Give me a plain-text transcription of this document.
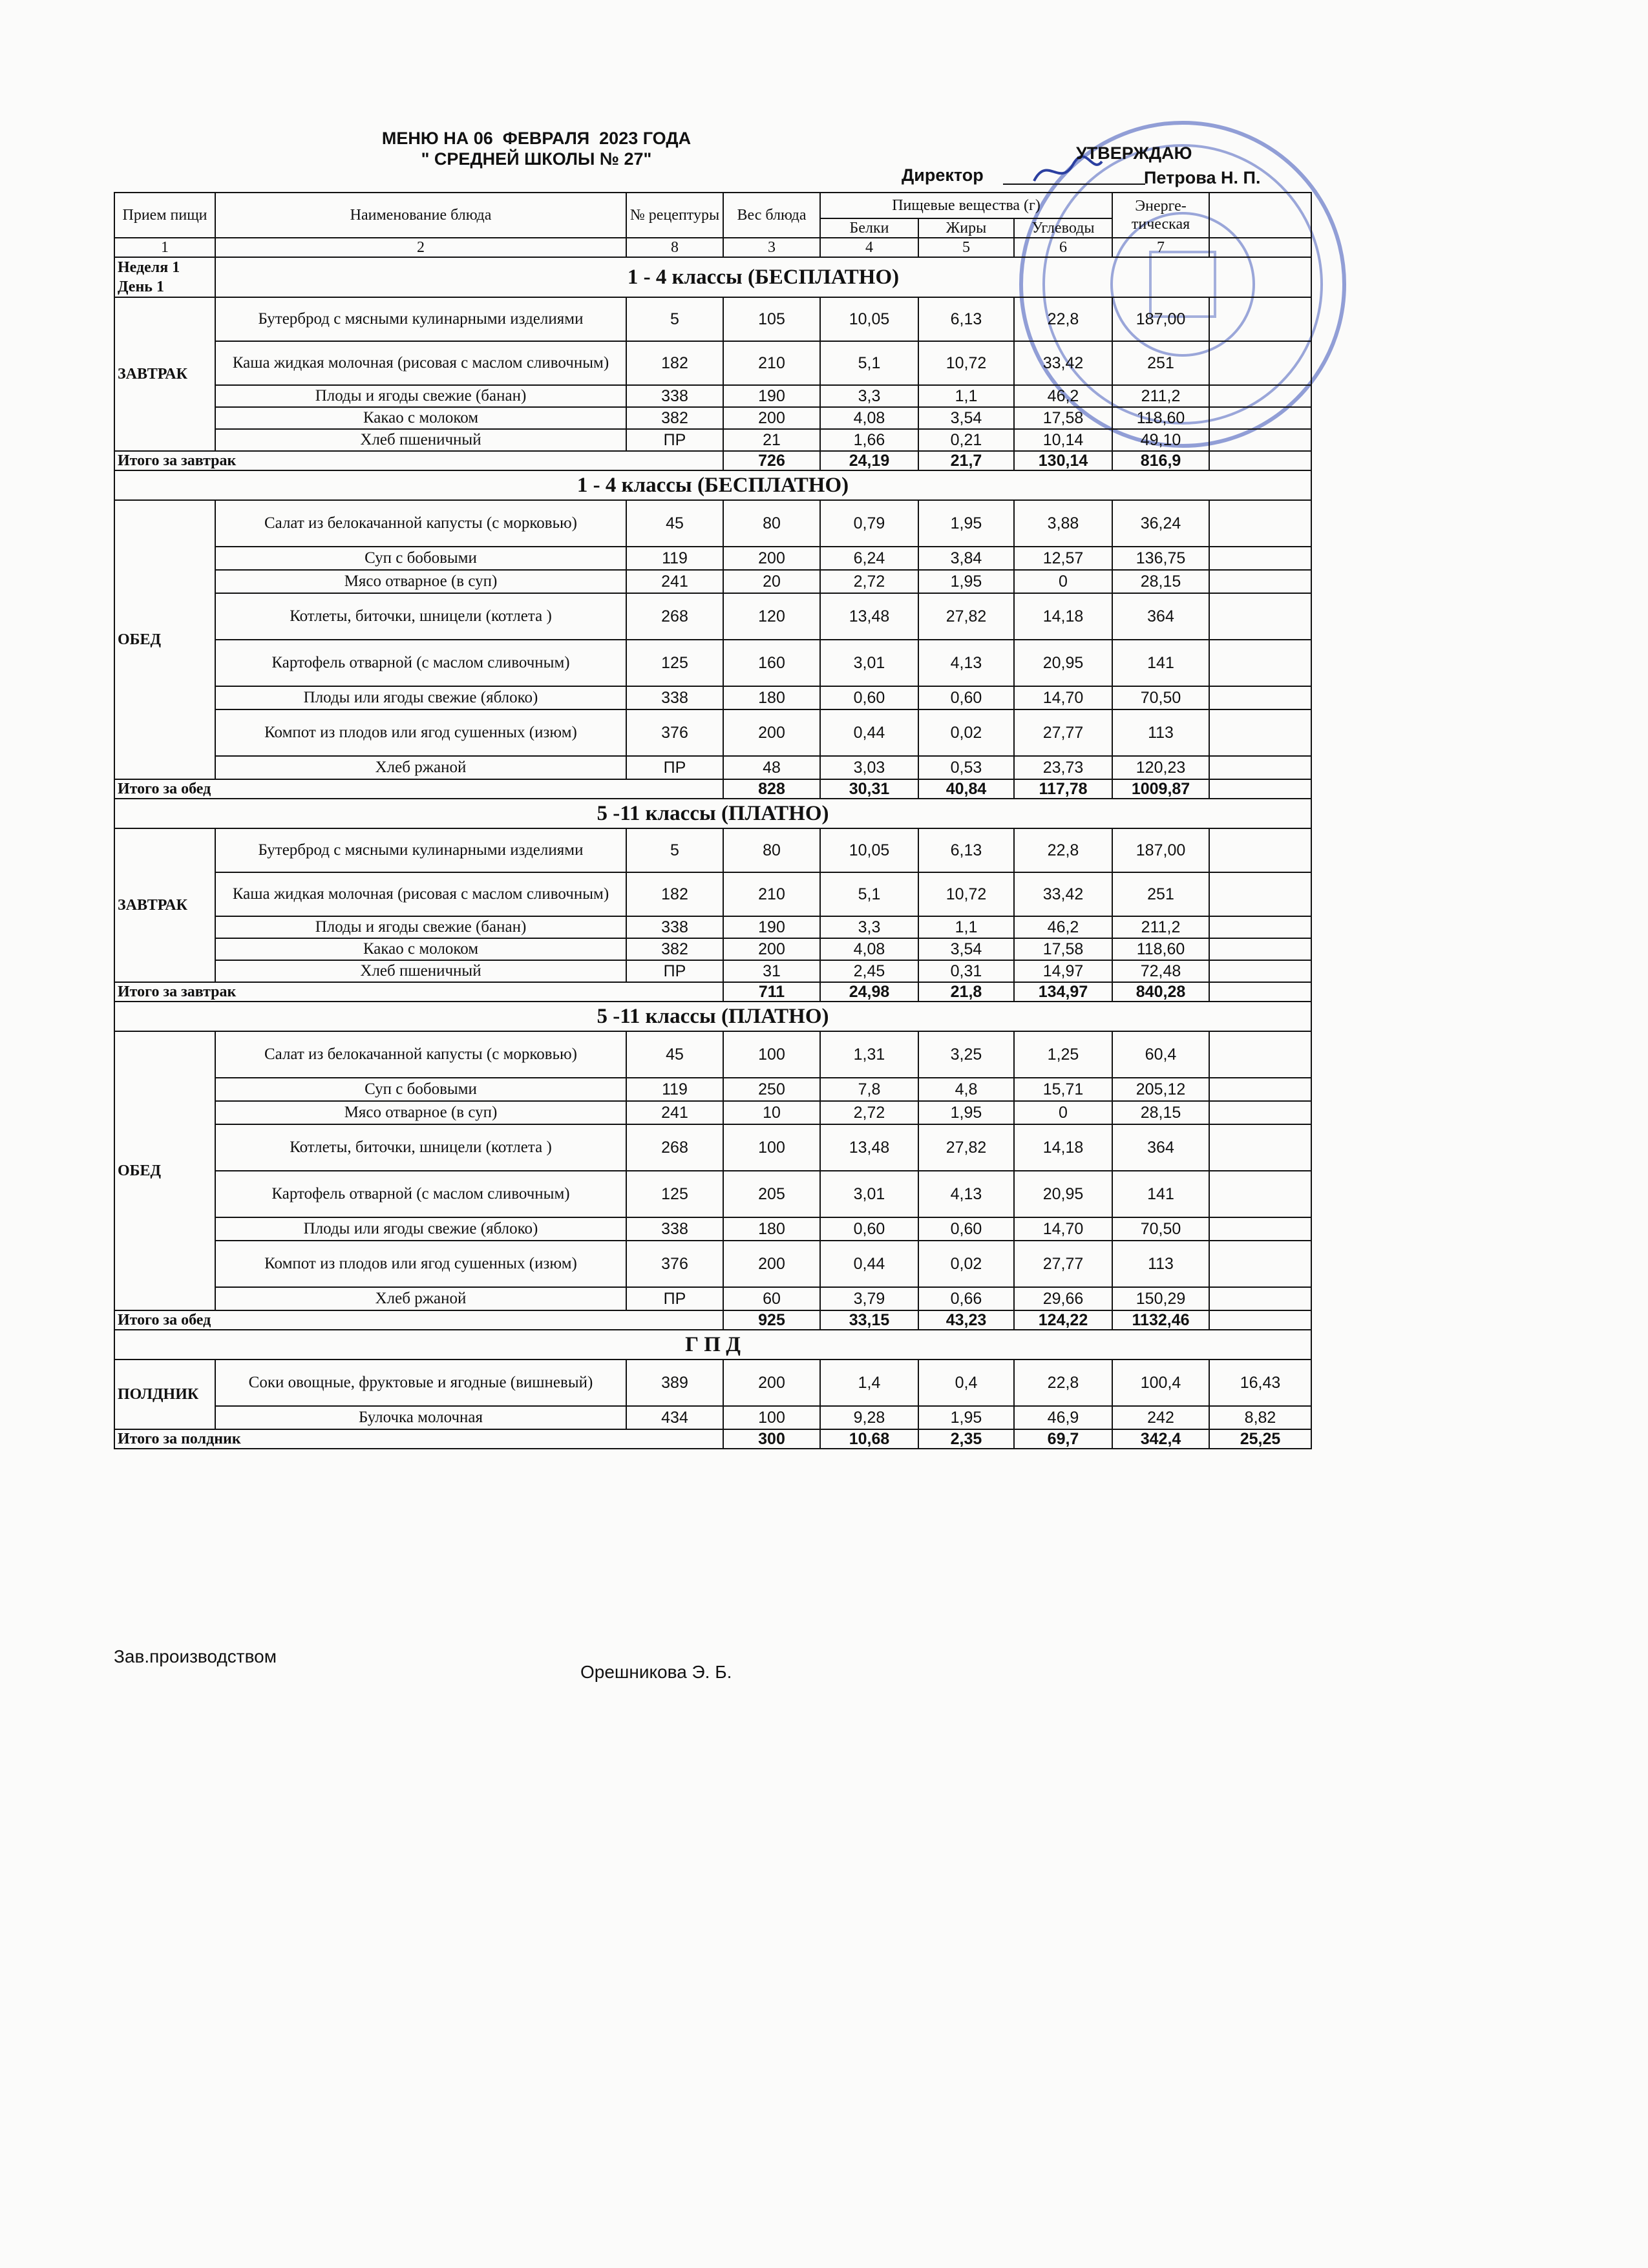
МЕНЮ НА 06  ФЕВРАЛЯ  2023 ГОДА
" СРЕДНЕЙ ШКОЛЫ № 27"	УТВЕРЖДАЮ
Директор	Петрова Н. П.
Прием пищи	Наименование блюда	№ рецептуры	Вес блюда	Пищевые вещества (г)			Энерге-тическая	
				Белки	Жиры	Углеводы		
1	2	8	3	4	5	6	7	
Неделя 1
День 1	1 - 4 классы (БЕСПЛАТНО)							
ЗАВТРАК	Бутерброд с мясными кулинарными изделиями	5	105	10,05	6,13	22,8	187,00	
	Каша жидкая молочная (рисовая с маслом сливочным)	182	210	5,1	10,72	33,42	251	
	Плоды и ягоды свежие (банан)	338	190	3,3	1,1	46,2	211,2	
	Какао с молоком	382	200	4,08	3,54	17,58	118,60	
	Хлеб пшеничный	ПР	21	1,66	0,21	10,14	49,10	
Итого за завтрак			726	24,19	21,7	130,14	816,9	
1 - 4 классы (БЕСПЛАТНО)								
ОБЕД	Салат из белокачанной капусты (с морковью)	45	80	0,79	1,95	3,88	36,24	
	Суп с бобовыми	119	200	6,24	3,84	12,57	136,75	
	Мясо отварное (в суп)	241	20	2,72	1,95	0	28,15	
	Котлеты, биточки, шницели (котлета )	268	120	13,48	27,82	14,18	364	
	Картофель отварной (с маслом сливочным)	125	160	3,01	4,13	20,95	141	
	Плоды или ягоды свежие (яблоко)	338	180	0,60	0,60	14,70	70,50	
	Компот из плодов или ягод сушенных (изюм)	376	200	0,44	0,02	27,77	113	
	Хлеб ржаной	ПР	48	3,03	0,53	23,73	120,23	
Итого за обед			828	30,31	40,84	117,78	1009,87	
5 -11 классы (ПЛАТНО)								
ЗАВТРАК	Бутерброд с мясными кулинарными изделиями	5	80	10,05	6,13	22,8	187,00	
	Каша жидкая молочная (рисовая с маслом сливочным)	182	210	5,1	10,72	33,42	251	
	Плоды и ягоды свежие (банан)	338	190	3,3	1,1	46,2	211,2	
	Какао с молоком	382	200	4,08	3,54	17,58	118,60	
	Хлеб пшеничный	ПР	31	2,45	0,31	14,97	72,48	
Итого за завтрак			711	24,98	21,8	134,97	840,28	
5 -11 классы (ПЛАТНО)								
ОБЕД	Салат из белокачанной капусты (с морковью)	45	100	1,31	3,25	1,25	60,4	
	Суп с бобовыми	119	250	7,8	4,8	15,71	205,12	
	Мясо отварное (в суп)	241	10	2,72	1,95	0	28,15	
	Котлеты, биточки, шницели (котлета )	268	100	13,48	27,82	14,18	364	
	Картофель отварной (с маслом сливочным)	125	205	3,01	4,13	20,95	141	
	Плоды или ягоды свежие (яблоко)	338	180	0,60	0,60	14,70	70,50	
	Компот из плодов или ягод сушенных (изюм)	376	200	0,44	0,02	27,77	113	
	Хлеб ржаной	ПР	60	3,79	0,66	29,66	150,29	
Итого за обед			925	33,15	43,23	124,22	1132,46	
Г П Д								
ПОЛДНИК	Соки овощные, фруктовые и ягодные (вишневый)	389	200	1,4	0,4	22,8	100,4	16,43
	Булочка молочная	434	100	9,28	1,95	46,9	242	8,82
Итого за полдник			300	10,68	2,35	69,7	342,4	25,25
Зав.производством
Орешникова Э. Б.
